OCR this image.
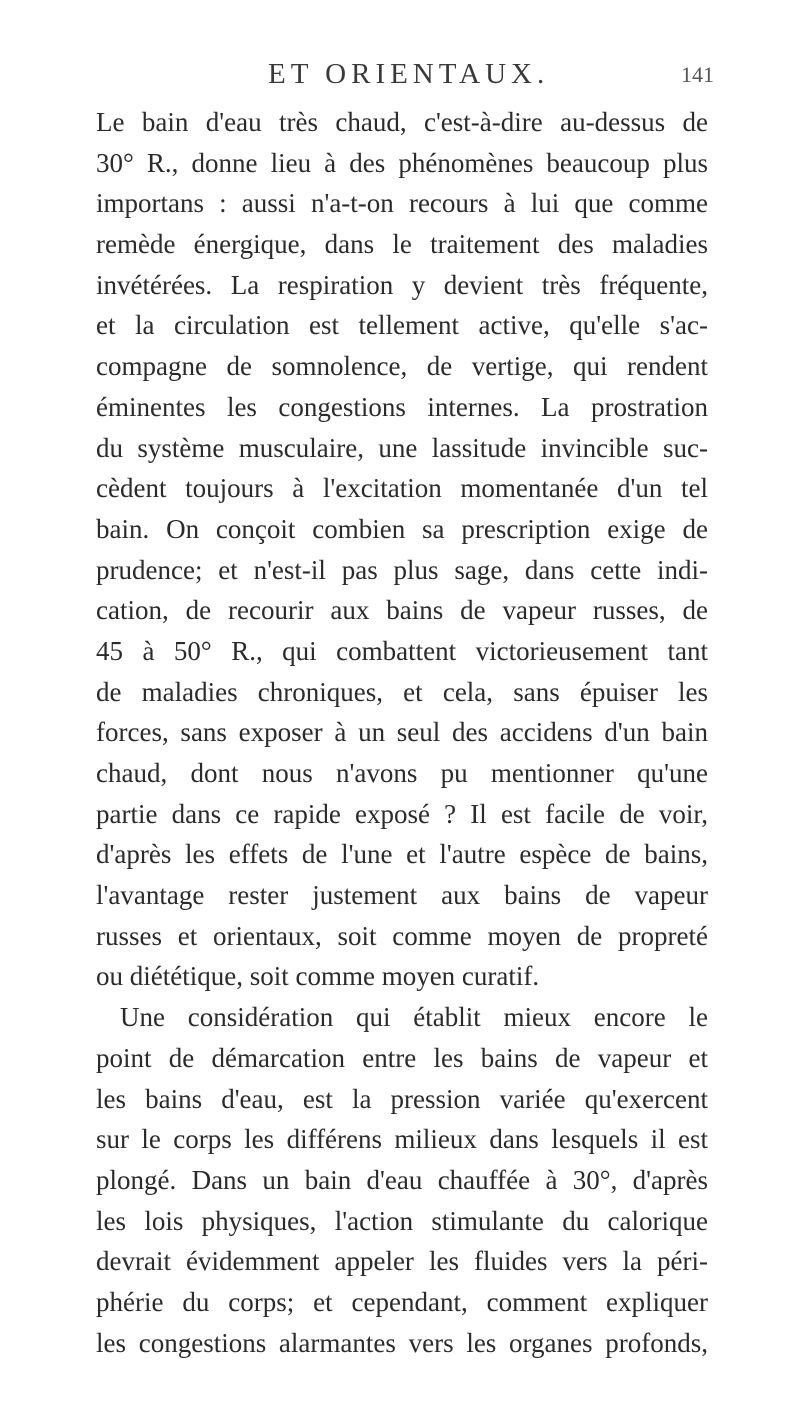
ET ORIENTAUX.	141
Le bain d'eau très chaud, c'est-à-dire au-dessus de
30° R., donne lieu à des phénomènes beaucoup plus
importans : aussi n'a-t-on recours à lui que comme
remède énergique, dans le traitement des maladies
invétérées. La respiration y devient très fréquente,
et la circulation est tellement active, qu'elle s'ac-
compagne de somnolence, de vertige, qui rendent
éminentes les congestions internes. La prostration
du système musculaire, une lassitude invincible suc-
cèdent toujours à l'excitation momentanée d'un tel
bain. On conçoit combien sa prescription exige de
prudence; et n'est-il pas plus sage, dans cette indi-
cation, de recourir aux bains de vapeur russes, de
45 à 50° R., qui combattent victorieusement tant
de maladies chroniques, et cela, sans épuiser les
forces, sans exposer à un seul des accidens d'un bain
chaud, dont nous n'avons pu mentionner qu'une
partie dans ce rapide exposé ? Il est facile de voir,
d'après les effets de l'une et l'autre espèce de bains,
l'avantage rester justement aux bains de vapeur
russes et orientaux, soit comme moyen de propreté
ou diététique, soit comme moyen curatif.
Une considération qui établit mieux encore le
point de démarcation entre les bains de vapeur et
les bains d'eau, est la pression variée qu'exercent
sur le corps les différens milieux dans lesquels il est
plongé. Dans un bain d'eau chauffée à 30°, d'après
les lois physiques, l'action stimulante du calorique
devrait évidemment appeler les fluides vers la péri-
phérie du corps; et cependant, comment expliquer
les congestions alarmantes vers les organes profonds,
